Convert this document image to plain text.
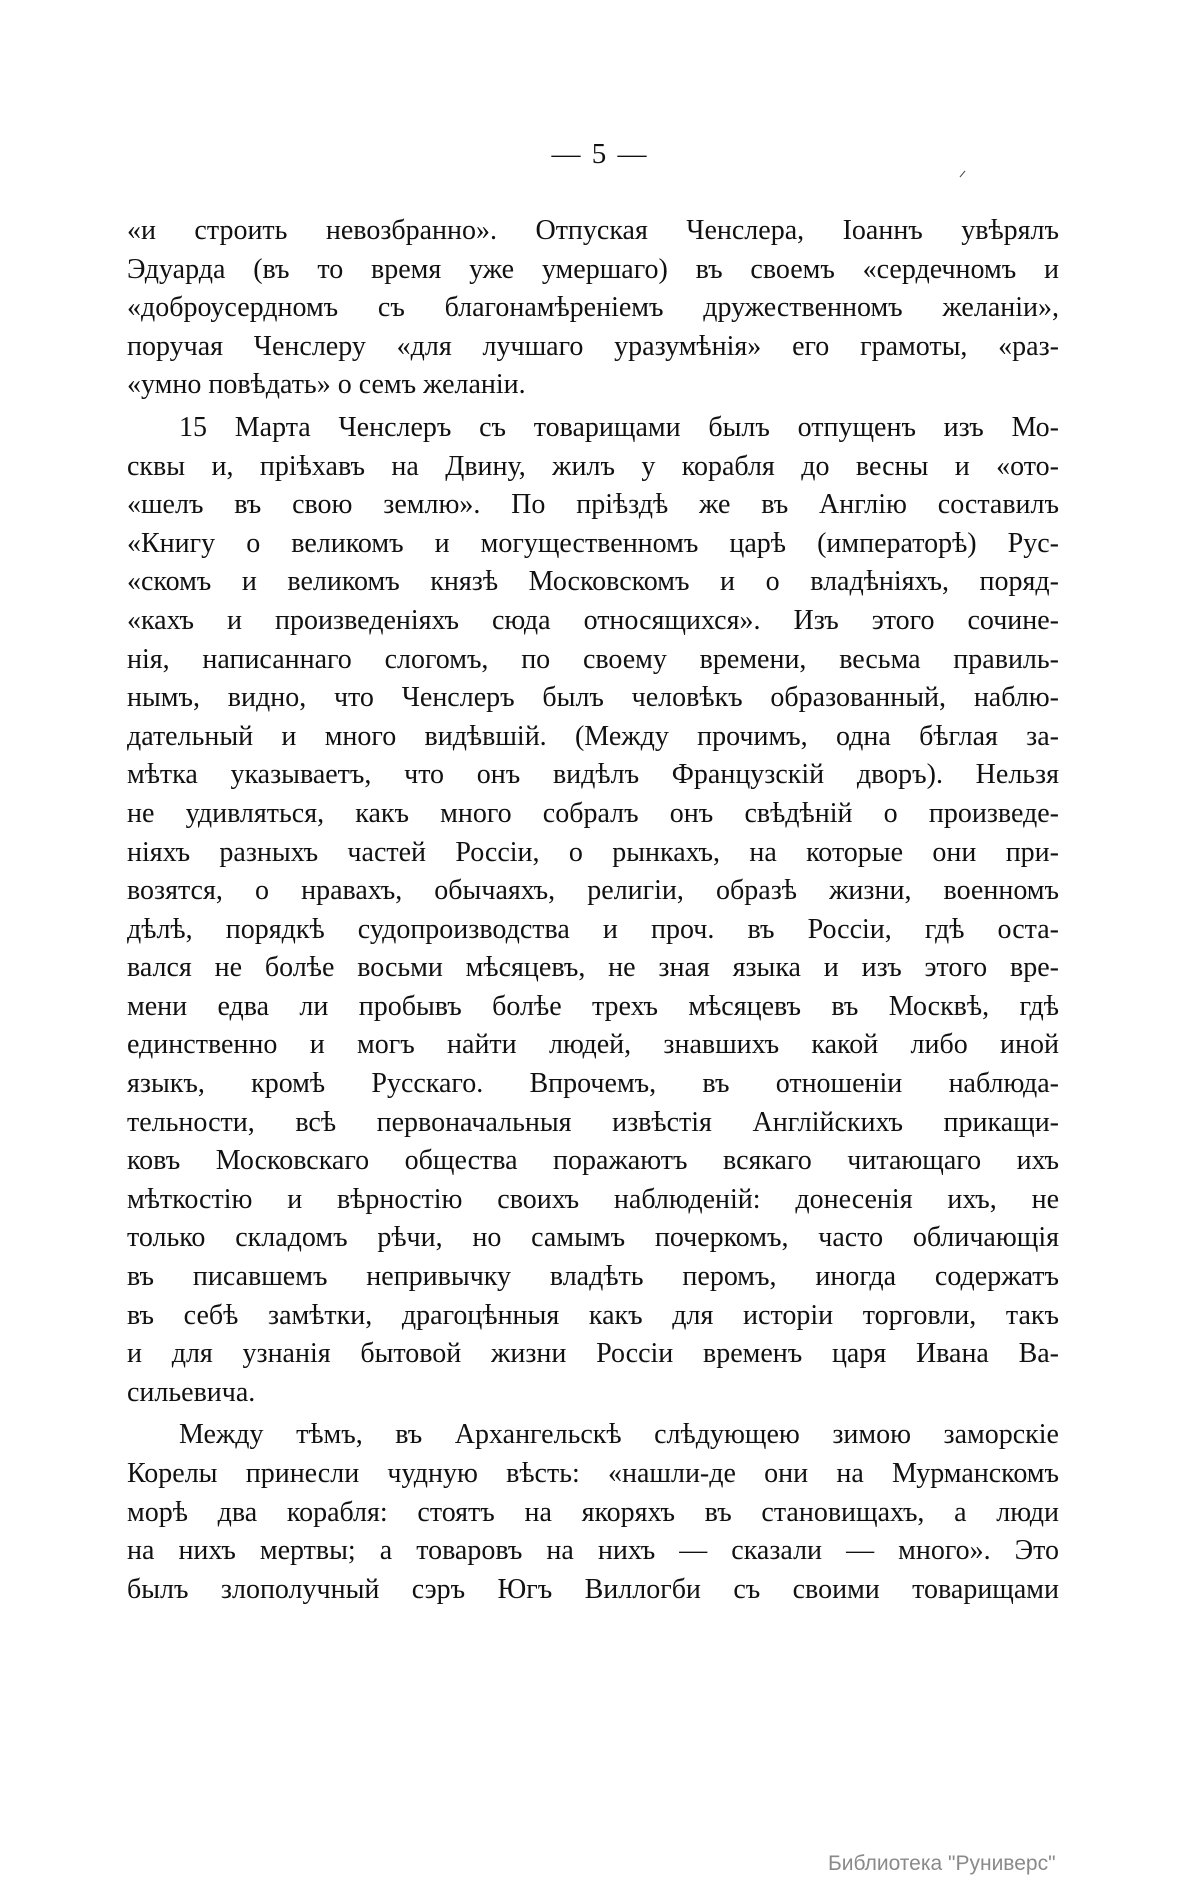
— 5 —
«и строить невозбранно». Отпуская Ченслера, Іоаннъ увѣрялъ
Эдуарда (въ то время уже умершаго) въ своемъ «сердечномъ и
«доброусердномъ съ благонамѣреніемъ дружественномъ желаніи»,
поручая Ченслеру «для лучшаго уразумѣнія» его грамоты, «раз-
«умно повѣдать» о семъ желаніи.
15 Марта Ченслеръ съ товарищами былъ отпущенъ изъ Мо-
сквы и, пріѣхавъ на Двину, жилъ у корабля до весны и «ото-
«шелъ въ свою землю». По пріѣздѣ же въ Англію составилъ
«Книгу о великомъ и могущественномъ царѣ (императорѣ) Рус-
«скомъ и великомъ князѣ Московскомъ и о владѣніяхъ, поряд-
«кахъ и произведеніяхъ сюда относящихся». Изъ этого сочине-
нія, написаннаго слогомъ, по своему времени, весьма правиль-
нымъ, видно, что Ченслеръ былъ человѣкъ образованный, наблю-
дательный и много видѣвшій. (Между прочимъ, одна бѣглая за-
мѣтка указываетъ, что онъ видѣлъ Французскій дворъ). Нельзя
не удивляться, какъ много собралъ онъ свѣдѣній о произведе-
ніяхъ разныхъ частей Россіи, о рынкахъ, на которые они при-
возятся, о нравахъ, обычаяхъ, религіи, образѣ жизни, военномъ
дѣлѣ, порядкѣ судопроизводства и проч. въ Россіи, гдѣ оста-
вался не болѣе восьми мѣсяцевъ, не зная языка и изъ этого вре-
мени едва ли пробывъ болѣе трехъ мѣсяцевъ въ Москвѣ, гдѣ
единственно и могъ найти людей, знавшихъ какой либо иной
языкъ, кромѣ Русскаго. Впрочемъ, въ отношеніи наблюда-
тельности, всѣ первоначальныя извѣстія Англійскихъ прикащи-
ковъ Московскаго общества поражаютъ всякаго читающаго ихъ
мѣткостію и вѣрностію своихъ наблюденій: донесенія ихъ, не
только складомъ рѣчи, но самымъ почеркомъ, часто обличающія
въ писавшемъ непривычку владѣть перомъ, иногда содержатъ
въ себѣ замѣтки, драгоцѣнныя какъ для исторіи торговли, такъ
и для узнанія бытовой жизни Россіи временъ царя Ивана Ва-
сильевича.
Между тѣмъ, въ Архангельскѣ слѣдующею зимою заморскіе
Корелы принесли чудную вѣсть: «нашли-де они на Мурманскомъ
морѣ два корабля: стоятъ на якоряхъ въ становищахъ, а люди
на нихъ мертвы; а товаровъ на нихъ — сказали — много». Это
былъ злополучный сэръ Югъ Виллогби съ своими товарищами
Библиотека "Руниверс"
